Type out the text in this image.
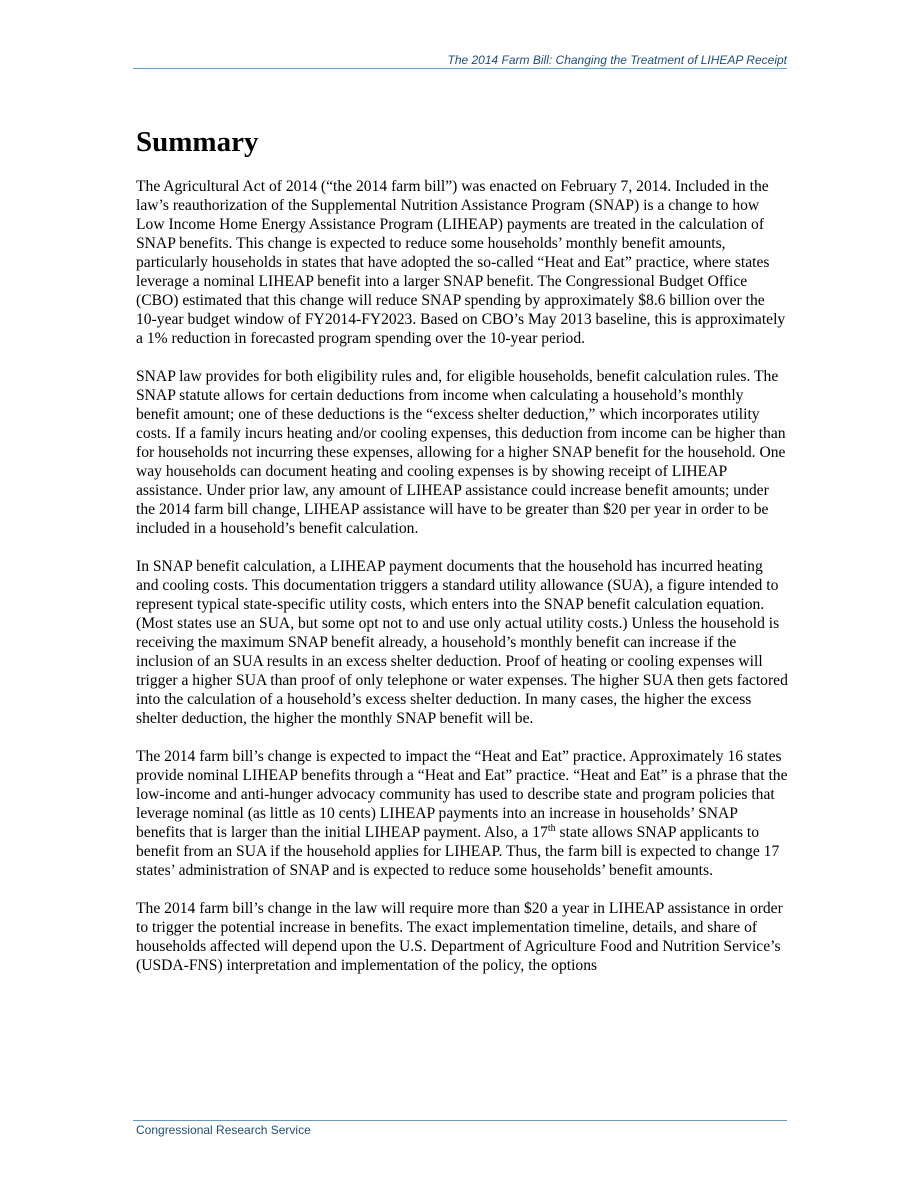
The 2014 Farm Bill: Changing the Treatment of LIHEAP Receipt
Summary

The Agricultural Act of 2014 (“the 2014 farm bill”) was enacted on February 7, 2014. Included in the law’s reauthorization of the Supplemental Nutrition Assistance Program (SNAP) is a change to how Low Income Home Energy Assistance Program (LIHEAP) payments are treated in the calculation of SNAP benefits. This change is expected to reduce some households’ monthly benefit amounts, particularly households in states that have adopted the so-called “Heat and Eat” practice, where states leverage a nominal LIHEAP benefit into a larger SNAP benefit. The Congressional Budget Office (CBO) estimated that this change will reduce SNAP spending by approximately $8.6 billion over the 10-year budget window of FY2014-FY2023. Based on CBO’s May 2013 baseline, this is approximately a 1% reduction in forecasted program spending over the 10-year period.

SNAP law provides for both eligibility rules and, for eligible households, benefit calculation rules. The SNAP statute allows for certain deductions from income when calculating a household’s monthly benefit amount; one of these deductions is the “excess shelter deduction,” which incorporates utility costs. If a family incurs heating and/or cooling expenses, this deduction from income can be higher than for households not incurring these expenses, allowing for a higher SNAP benefit for the household. One way households can document heating and cooling expenses is by showing receipt of LIHEAP assistance. Under prior law, any amount of LIHEAP assistance could increase benefit amounts; under the 2014 farm bill change, LIHEAP assistance will have to be greater than $20 per year in order to be included in a household’s benefit calculation.

In SNAP benefit calculation, a LIHEAP payment documents that the household has incurred heating and cooling costs. This documentation triggers a standard utility allowance (SUA), a figure intended to represent typical state-specific utility costs, which enters into the SNAP benefit calculation equation. (Most states use an SUA, but some opt not to and use only actual utility costs.) Unless the household is receiving the maximum SNAP benefit already, a household’s monthly benefit can increase if the inclusion of an SUA results in an excess shelter deduction. Proof of heating or cooling expenses will trigger a higher SUA than proof of only telephone or water expenses. The higher SUA then gets factored into the calculation of a household’s excess shelter deduction. In many cases, the higher the excess shelter deduction, the higher the monthly SNAP benefit will be.

The 2014 farm bill’s change is expected to impact the “Heat and Eat” practice. Approximately 16 states provide nominal LIHEAP benefits through a “Heat and Eat” practice. “Heat and Eat” is a phrase that the low-income and anti-hunger advocacy community has used to describe state and program policies that leverage nominal (as little as 10 cents) LIHEAP payments into an increase in households’ SNAP benefits that is larger than the initial LIHEAP payment. Also, a 17th state allows SNAP applicants to benefit from an SUA if the household applies for LIHEAP. Thus, the farm bill is expected to change 17 states’ administration of SNAP and is expected to reduce some households’ benefit amounts.

The 2014 farm bill’s change in the law will require more than $20 a year in LIHEAP assistance in order to trigger the potential increase in benefits. The exact implementation timeline, details, and share of households affected will depend upon the U.S. Department of Agriculture Food and Nutrition Service’s (USDA-FNS) interpretation and implementation of the policy, the options

Congressional Research Service
